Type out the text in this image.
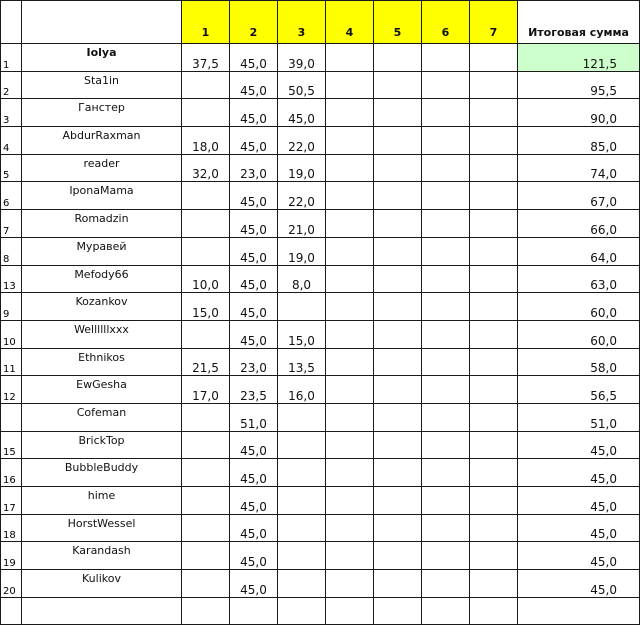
		1	2	3	4	5	6	7	Итоговая сумма
1	Iolya	37,5	45,0	39,0					121,5
2	Sta1in		45,0	50,5					95,5
3	Ганстер		45,0	45,0					90,0
4	AbdurRaxman	18,0	45,0	22,0					85,0
5	reader	32,0	23,0	19,0					74,0
6	IponaMama		45,0	22,0					67,0
7	Romadzin		45,0	21,0					66,0
8	Муравей		45,0	19,0					64,0
13	Mefody66	10,0	45,0	8,0					63,0
9	Kozankov	15,0	45,0						60,0
10	Wellllllxxx		45,0	15,0					60,0
11	Ethnikos	21,5	23,0	13,5					58,0
12	EwGesha	17,0	23,5	16,0					56,5
	Cofeman		51,0						51,0
15	BrickTop		45,0						45,0
16	BubbleBuddy		45,0						45,0
17	hime		45,0						45,0
18	HorstWessel		45,0						45,0
19	Karandash		45,0						45,0
20	Kulikov		45,0						45,0
